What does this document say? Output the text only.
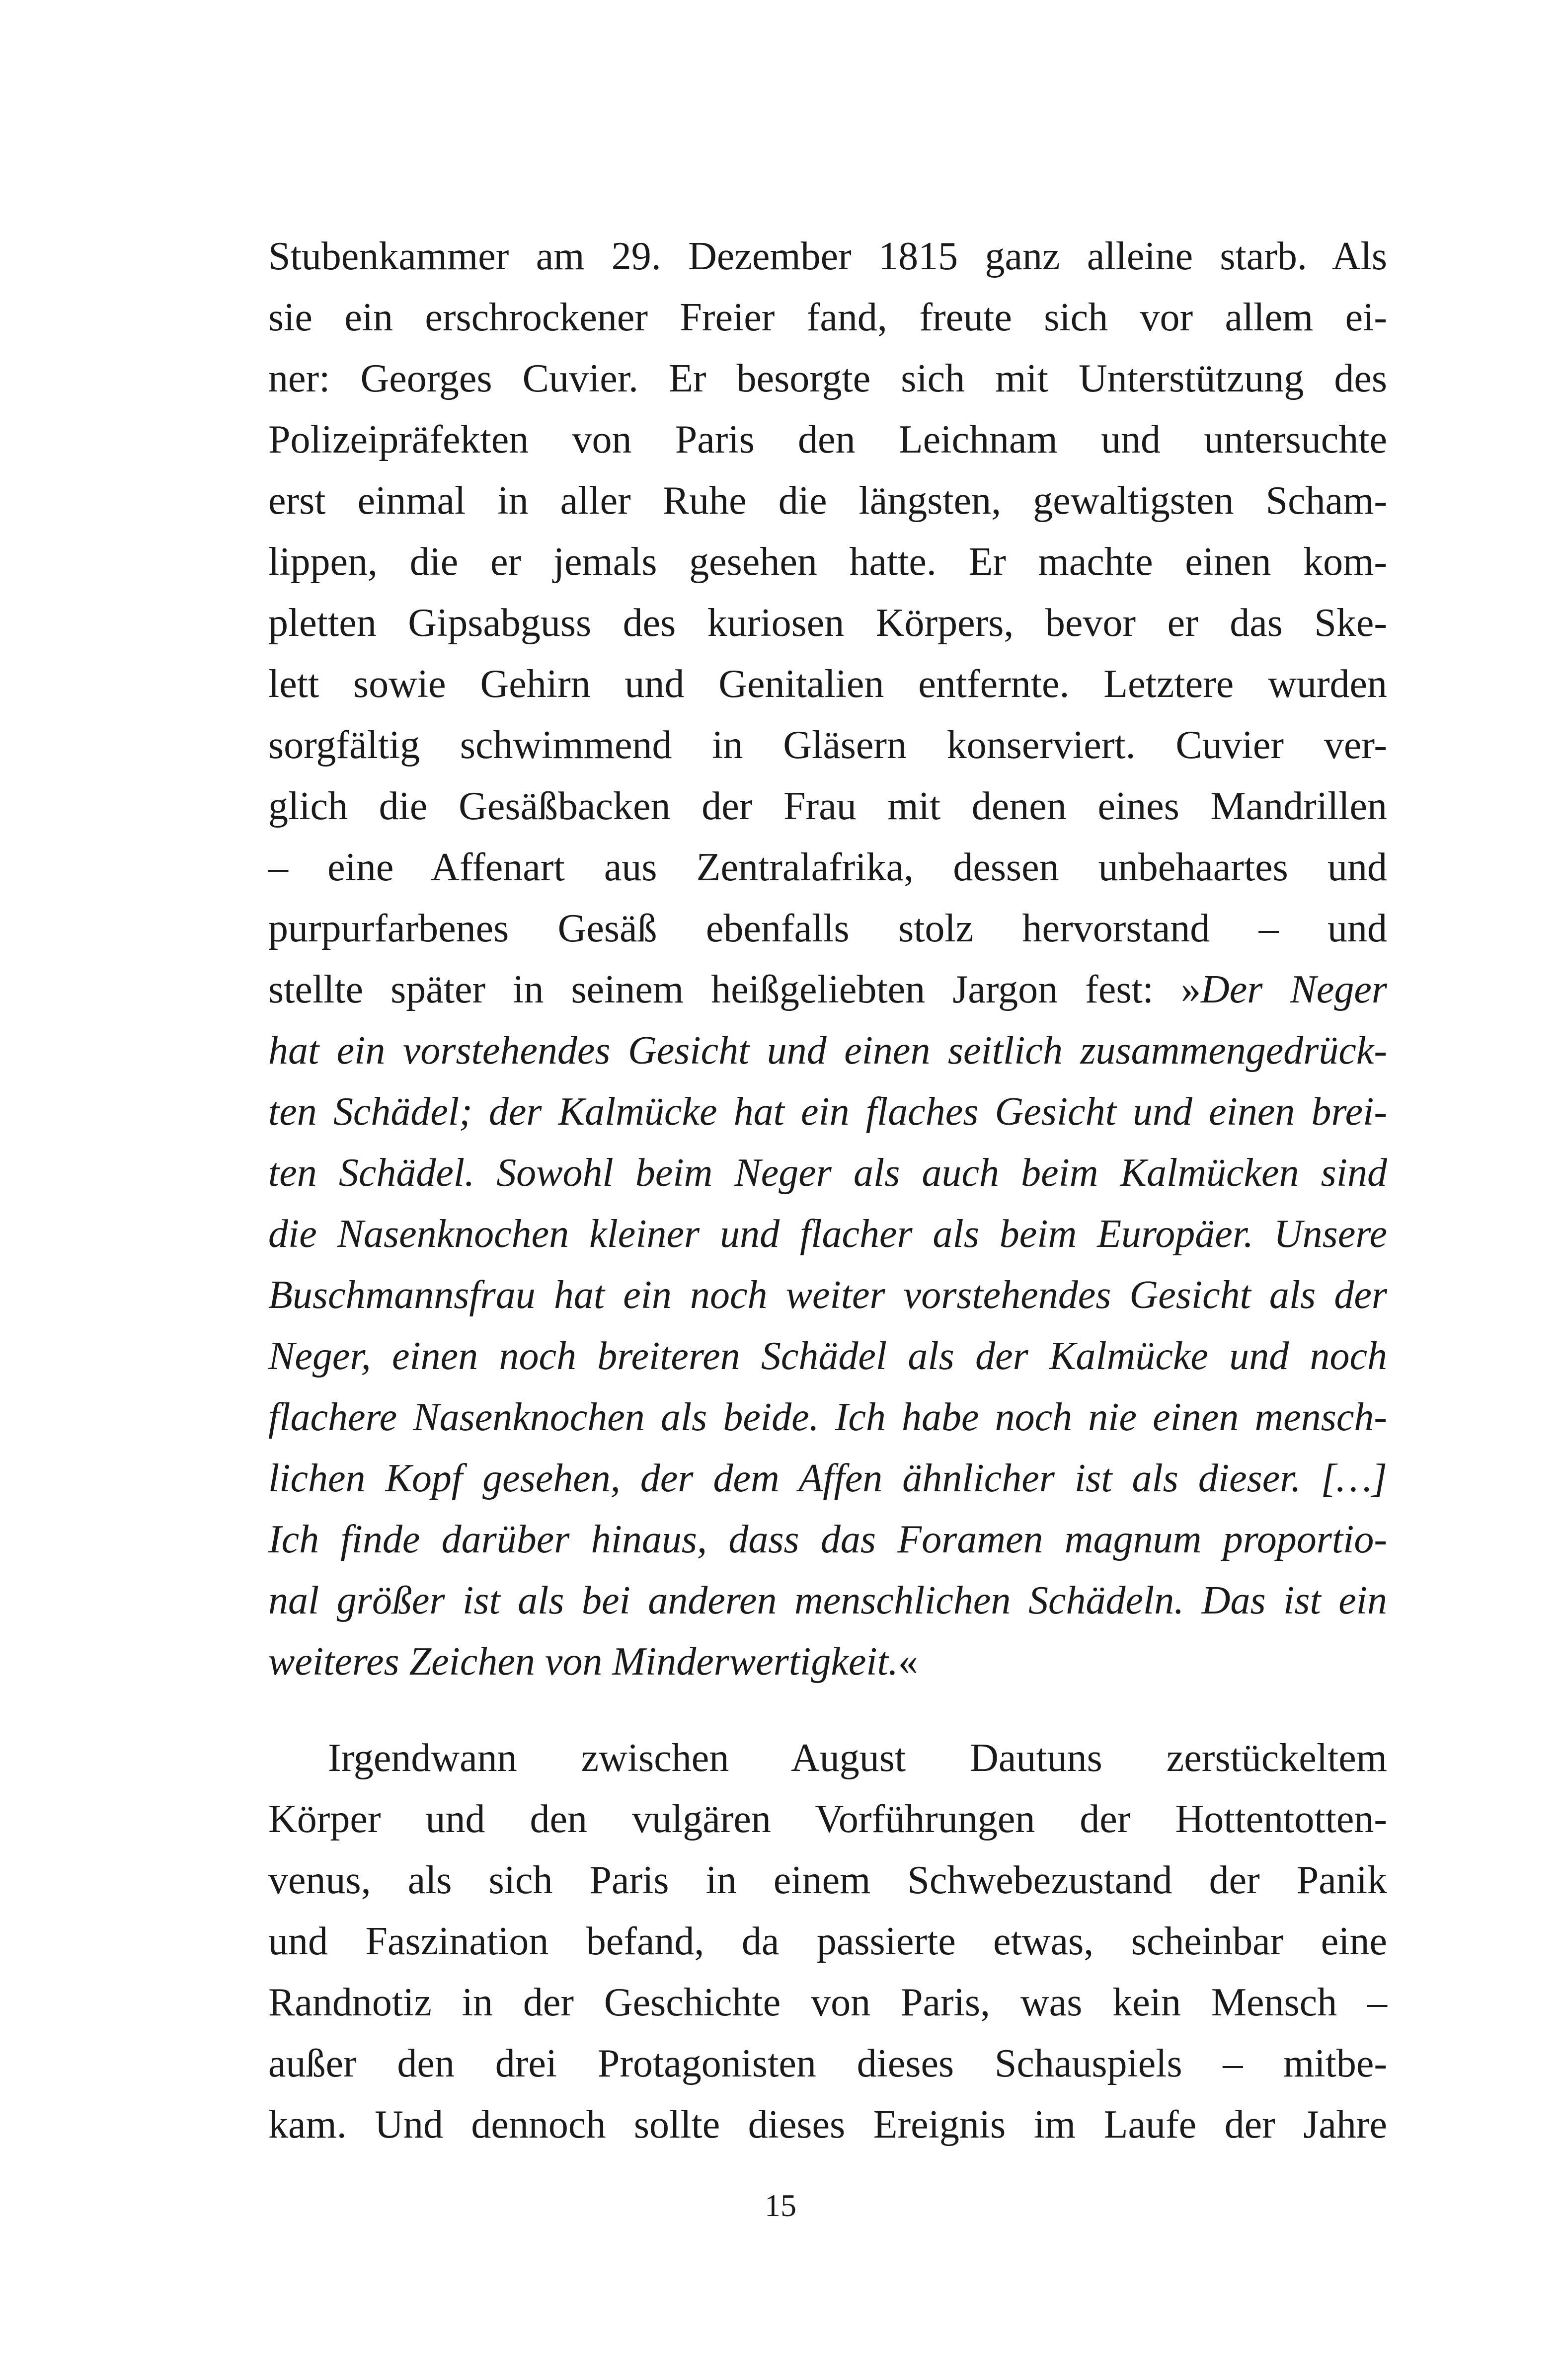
Stubenkammer am 29. Dezember 1815 ganz alleine starb. Als
sie ein erschrockener Freier fand, freute sich vor allem ei-
ner: Georges Cuvier. Er besorgte sich mit Unterstützung des
Polizeipräfekten von Paris den Leichnam und untersuchte
erst einmal in aller Ruhe die längsten, gewaltigsten Scham-
lippen, die er jemals gesehen hatte. Er machte einen kom-
pletten Gipsabguss des kuriosen Körpers, bevor er das Ske-
lett sowie Gehirn und Genitalien entfernte. Letztere wurden
sorgfältig schwimmend in Gläsern konserviert. Cuvier ver-
glich die Gesäßbacken der Frau mit denen eines Mandrillen
– eine Affenart aus Zentralafrika, dessen unbehaartes und
purpurfarbenes Gesäß ebenfalls stolz hervorstand – und
stellte später in seinem heißgeliebten Jargon fest: »Der Neger
hat ein vorstehendes Gesicht und einen seitlich zusammengedrück-
ten Schädel; der Kalmücke hat ein flaches Gesicht und einen brei-
ten Schädel. Sowohl beim Neger als auch beim Kalmücken sind
die Nasenknochen kleiner und flacher als beim Europäer. Unsere
Buschmannsfrau hat ein noch weiter vorstehendes Gesicht als der
Neger, einen noch breiteren Schädel als der Kalmücke und noch
flachere Nasenknochen als beide. Ich habe noch nie einen mensch-
lichen Kopf gesehen, der dem Affen ähnlicher ist als dieser. […]
Ich finde darüber hinaus, dass das Foramen magnum proportio-
nal größer ist als bei anderen menschlichen Schädeln. Das ist ein
weiteres Zeichen von Minderwertigkeit.«
Irgendwann zwischen August Dautuns zerstückeltem
Körper und den vulgären Vorführungen der Hottentotten-
venus, als sich Paris in einem Schwebezustand der Panik
und Faszination befand, da passierte etwas, scheinbar eine
Randnotiz in der Geschichte von Paris, was kein Mensch –
außer den drei Protagonisten dieses Schauspiels – mitbe-
kam. Und dennoch sollte dieses Ereignis im Laufe der Jahre

15
